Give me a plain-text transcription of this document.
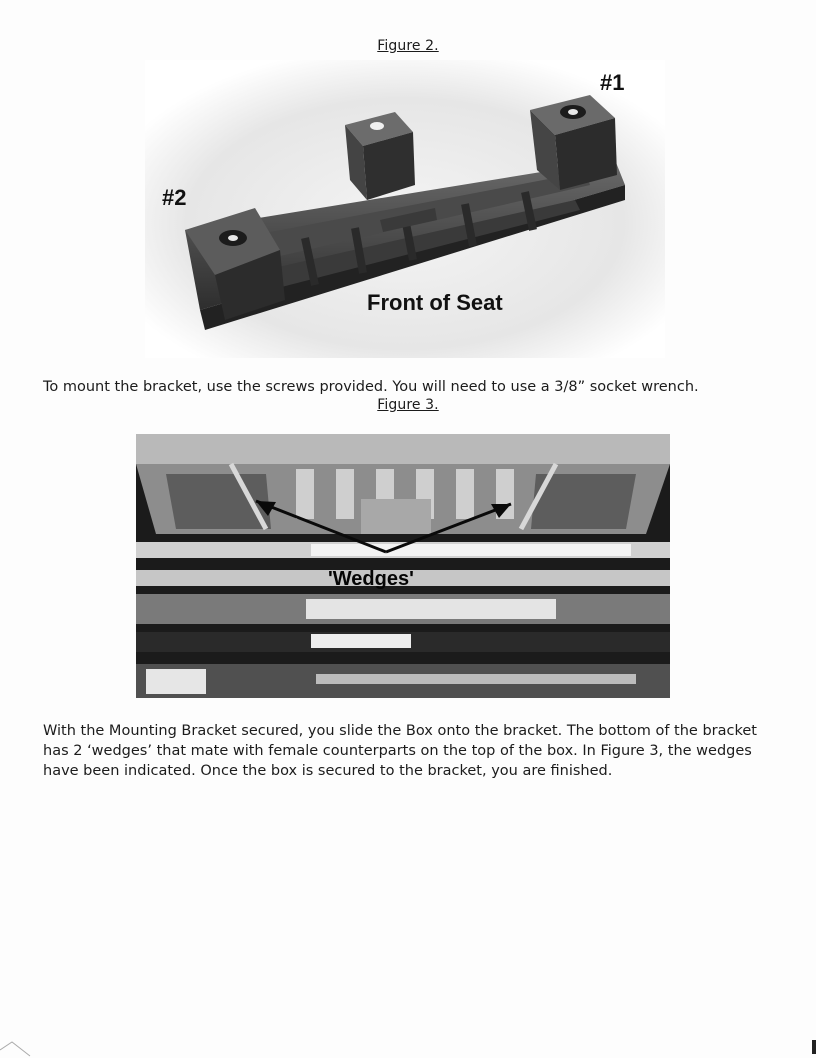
Figure 2.
#1
#2
Front of Seat
To mount the bracket, use the screws provided. You will need to use a 3/8” socket wrench.
Figure 3.
'Wedges'
With the Mounting Bracket secured, you slide the Box onto the bracket. The bottom of the bracket has 2 ‘wedges’ that mate with female counterparts on the top of the box. In Figure 3, the wedges have been indicated. Once the box is secured to the bracket, you are finished.
